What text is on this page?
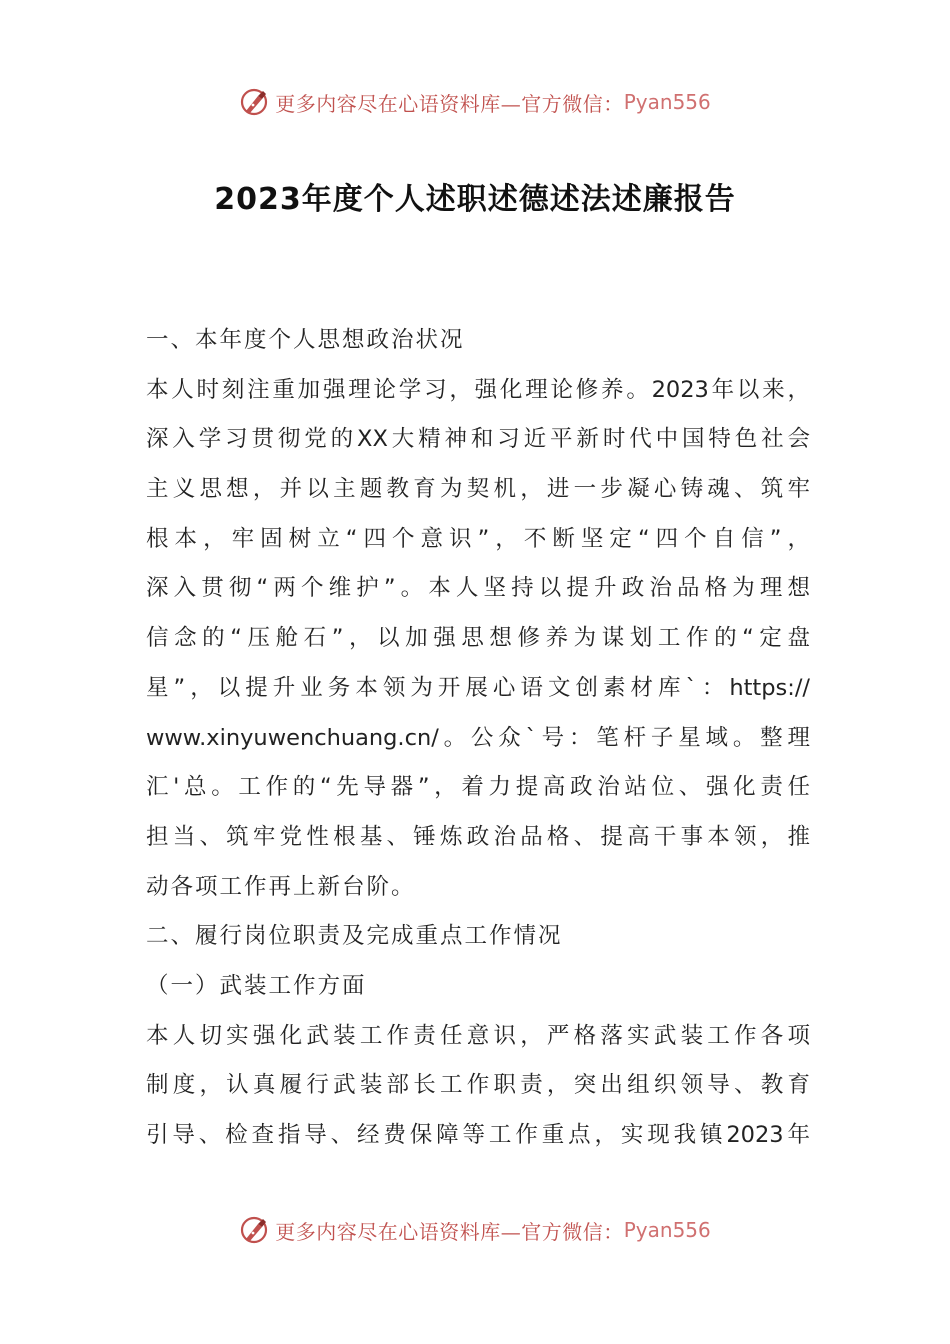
更多内容尽在心语资料库—官方微信： Pyan556
2023年度个人述职述德述法述廉报告
一、本年度个人思想政治状况
本人时刻注重加强理论学习，强化理论修养。2023年以来，
深入学习贯彻党的XX大精神和习近平新时代中国特色社会
主义思想，并以主题教育为契机，进一步凝心铸魂、筑牢
根本，牢固树立“四个意识”，不断坚定“四个自信”，
深入贯彻“两个维护”。本人坚持以提升政治品格为理想
信念的“压舱石”，以加强思想修养为谋划工作的“定盘
星”，以提升业务本领为开展心语文创素材库`：https://
www.xinyuwenchuang.cn/。公众`号：笔杆子星域。整理
汇'总。工作的“先导器”，着力提高政治站位、强化责任
担当、筑牢党性根基、锤炼政治品格、提高干事本领，推
动各项工作再上新台阶。
二、履行岗位职责及完成重点工作情况
（一）武装工作方面
本人切实强化武装工作责任意识，严格落实武装工作各项
制度，认真履行武装部长工作职责，突出组织领导、教育
引导、检查指导、经费保障等工作重点，实现我镇2023年
更多内容尽在心语资料库—官方微信： Pyan556
